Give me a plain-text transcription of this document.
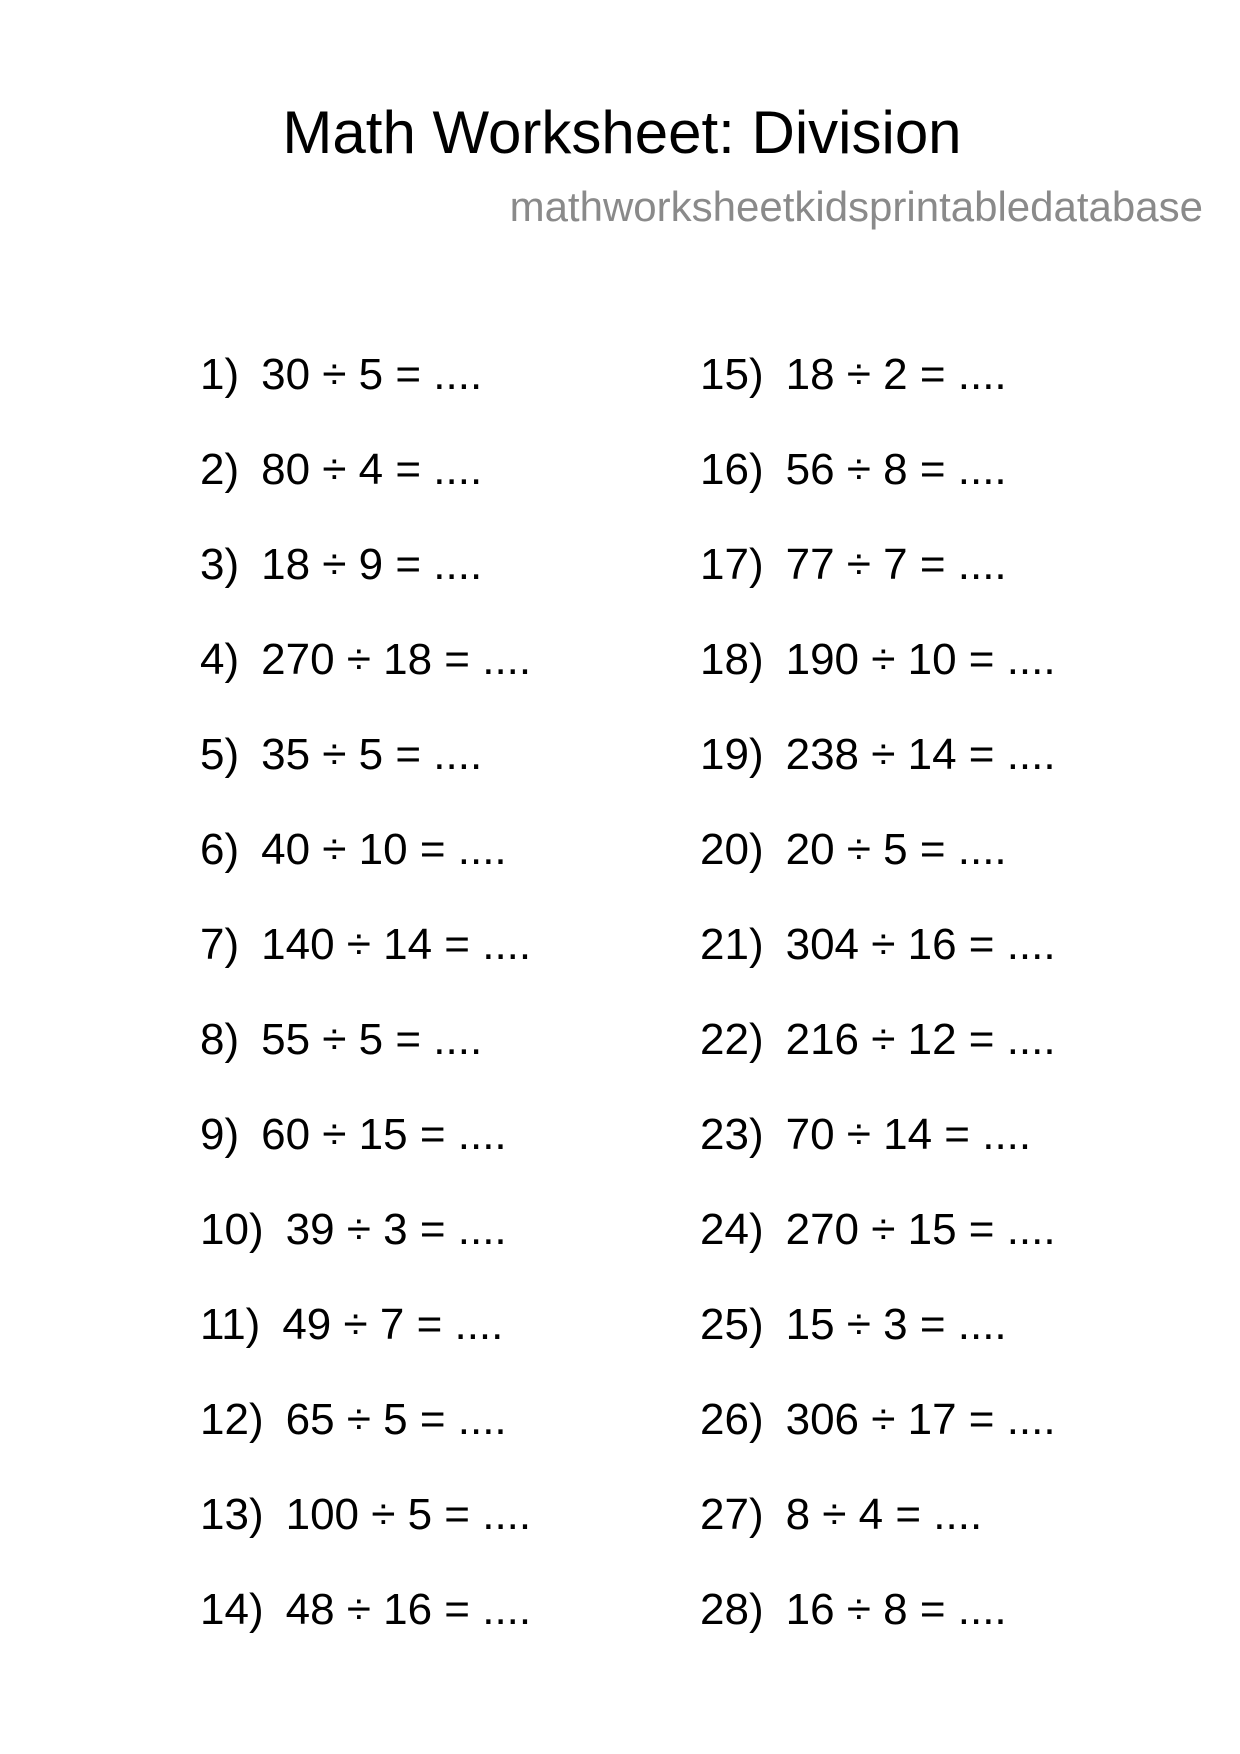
Math Worksheet: Division
mathworksheetkidsprintabledatabase
1) 30 ÷ 5 = ....
2) 80 ÷ 4 = ....
3) 18 ÷ 9 = ....
4) 270 ÷ 18 = ....
5) 35 ÷ 5 = ....
6) 40 ÷ 10 = ....
7) 140 ÷ 14 = ....
8) 55 ÷ 5 = ....
9) 60 ÷ 15 = ....
10) 39 ÷ 3 = ....
11) 49 ÷ 7 = ....
12) 65 ÷ 5 = ....
13) 100 ÷ 5 = ....
14) 48 ÷ 16 = ....
15) 18 ÷ 2 = ....
16) 56 ÷ 8 = ....
17) 77 ÷ 7 = ....
18) 190 ÷ 10 = ....
19) 238 ÷ 14 = ....
20) 20 ÷ 5 = ....
21) 304 ÷ 16 = ....
22) 216 ÷ 12 = ....
23) 70 ÷ 14 = ....
24) 270 ÷ 15 = ....
25) 15 ÷ 3 = ....
26) 306 ÷ 17 = ....
27) 8 ÷ 4 = ....
28) 16 ÷ 8 = ....
